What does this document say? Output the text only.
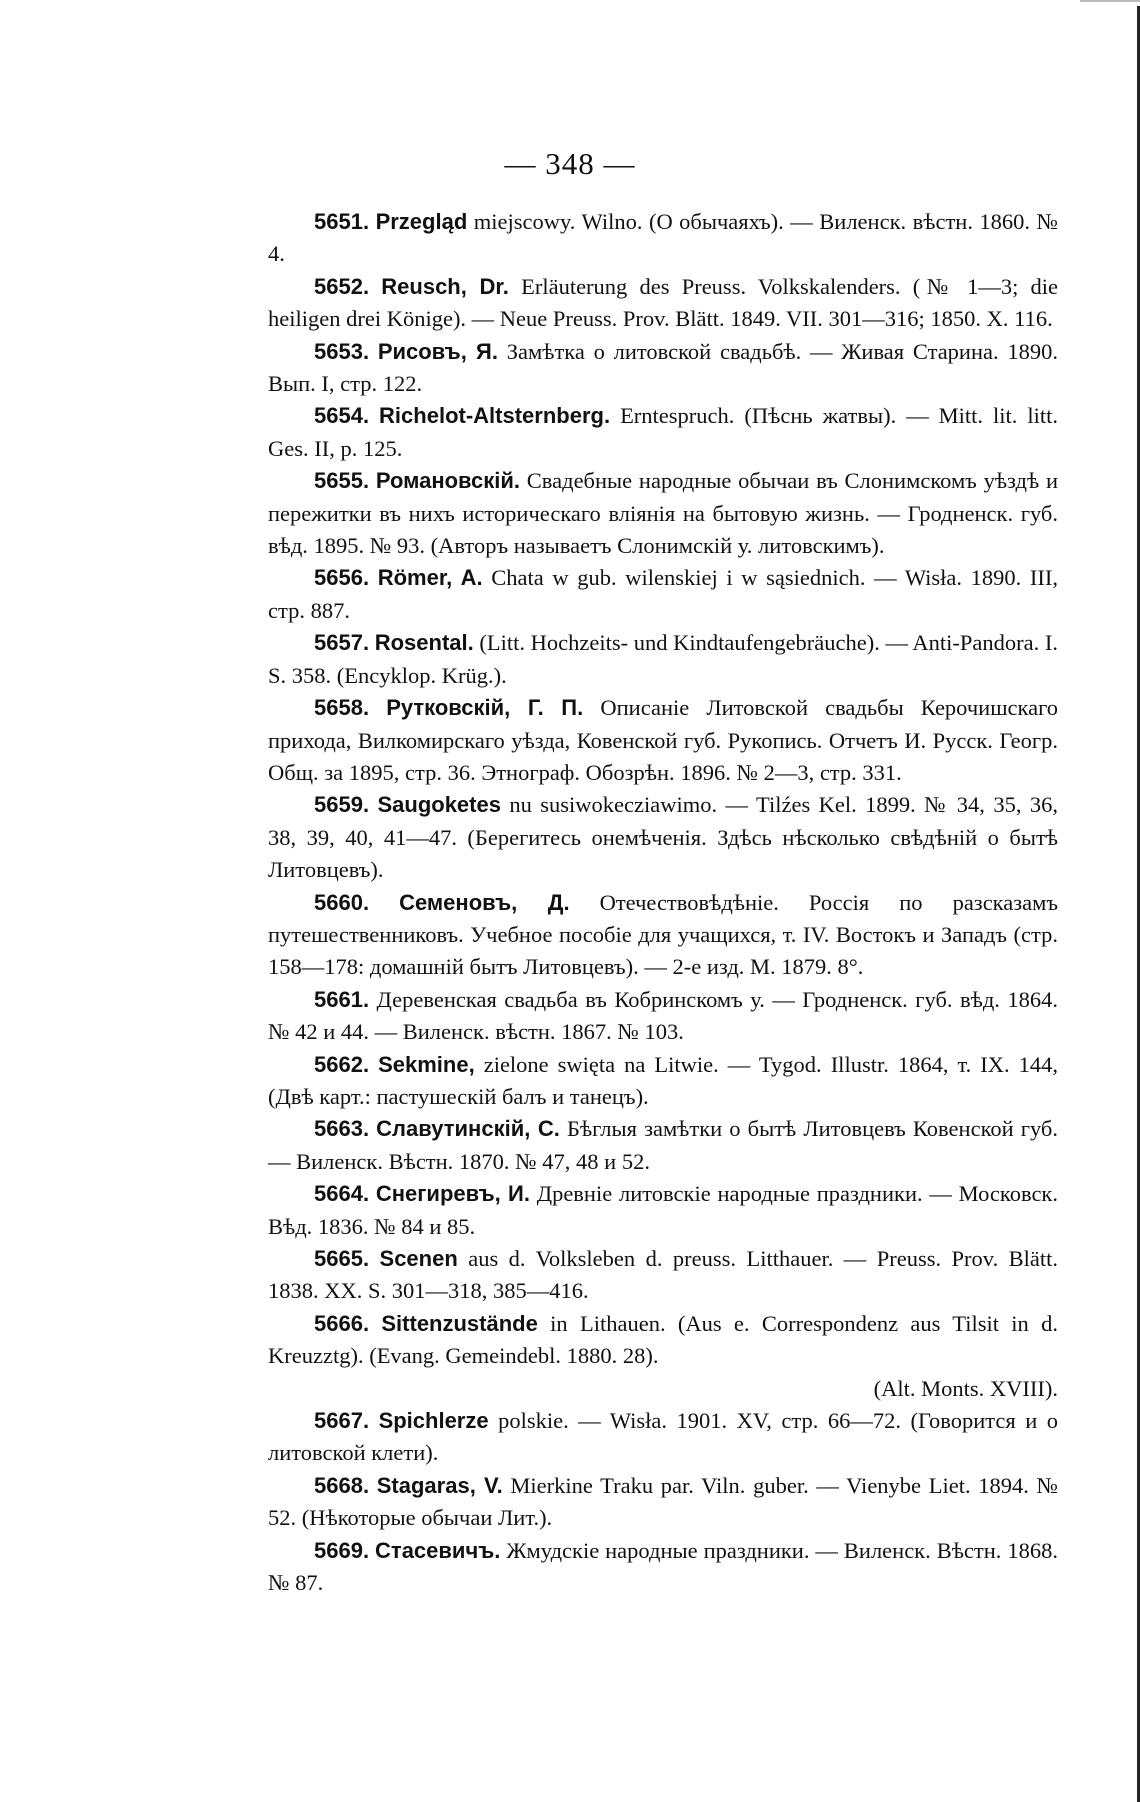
— 348 —

5651. Przegląd miejscowy. Wilno. (О обычаяхъ). — Виленск. вѣстн. 1860. № 4.

5652. Reusch, Dr. Erläuterung des Preuss. Volkskalenders. (№ 1—3; die heiligen drei Könige). — Neue Preuss. Prov. Blätt. 1849. VII. 301—316; 1850. X. 116.

5653. Рисовъ, Я. Замѣтка о литовской свадьбѣ. — Живая Старина. 1890. Вып. I, стр. 122.

5654. Richelot-Altsternberg. Erntespruch. (Пѣснь жатвы). — Mitt. lit. litt. Ges. II, p. 125.

5655. Романовскій. Свадебные народные обычаи въ Слонимскомъ уѣздѣ и пережитки въ нихъ историческаго вліянія на бытовую жизнь. — Гродненск. губ. вѣд. 1895. № 93. (Авторъ называетъ Слонимскій у. литовскимъ).

5656. Römer, A. Chata w gub. wilenskiej i w sąsiednich. — Wisła. 1890. III, стр. 887.

5657. Rosental. (Litt. Hochzeits- und Kindtaufengebräuche). — Anti-Pandora. I. S. 358. (Encyklop. Krüg.).

5658. Рутковскій, Г. П. Описаніе Литовской свадьбы Керочишскаго прихода, Вилкомирскаго уѣзда, Ковенской губ. Рукопись. Отчетъ И. Русск. Геогр. Общ. за 1895, стр. 36. Этнограф. Обозрѣн. 1896. № 2—3, стр. 331.

5659. Saugoketes nu susiwokecziawimo. — Tilźes Kel. 1899. № 34, 35, 36, 38, 39, 40, 41—47. (Берегитесь онемѣченія. Здѣсь нѣсколько свѣдѣній о бытѣ Литовцевъ).

5660. Семеновъ, Д. Отечествовѣдѣніе. Россія по разсказамъ путешественниковъ. Учебное пособіе для учащихся, т. IV. Востокъ и Западъ (стр. 158—178: домашній бытъ Литовцевъ). — 2-е изд. М. 1879. 8°.

5661. Деревенская свадьба въ Кобринскомъ у. — Гродненск. губ. вѣд. 1864. № 42 и 44. — Виленск. вѣстн. 1867. № 103.

5662. Sekmine, zielone swięta na Litwie. — Tygod. Illustr. 1864, т. IX. 144, (Двѣ карт.: пастушескій балъ и танецъ).

5663. Славутинскій, С. Бѣглыя замѣтки о бытѣ Литовцевъ Ковенской губ. — Виленск. Вѣстн. 1870. № 47, 48 и 52.

5664. Снегиревъ, И. Древніе литовскіе народные праздники. — Московск. Вѣд. 1836. № 84 и 85.

5665. Scenen aus d. Volksleben d. preuss. Litthauer. — Preuss. Prov. Blätt. 1838. XX. S. 301—318, 385—416.

5666. Sittenzustände in Lithauen. (Aus e. Correspondenz aus Tilsit in d. Kreuzztg). (Evang. Gemeindebl. 1880. 28).

(Alt. Monts. XVIII).

5667. Spichlerze polskie. — Wisła. 1901. XV, стр. 66—72. (Говорится и о литовской клети).

5668. Stagaras, V. Mierkine Traku par. Viln. guber. — Vienybe Liet. 1894. № 52. (Нѣкоторые обычаи Лит.).

5669. Стасевичъ. Жмудскіе народные праздники. — Виленск. Вѣстн. 1868. № 87.
